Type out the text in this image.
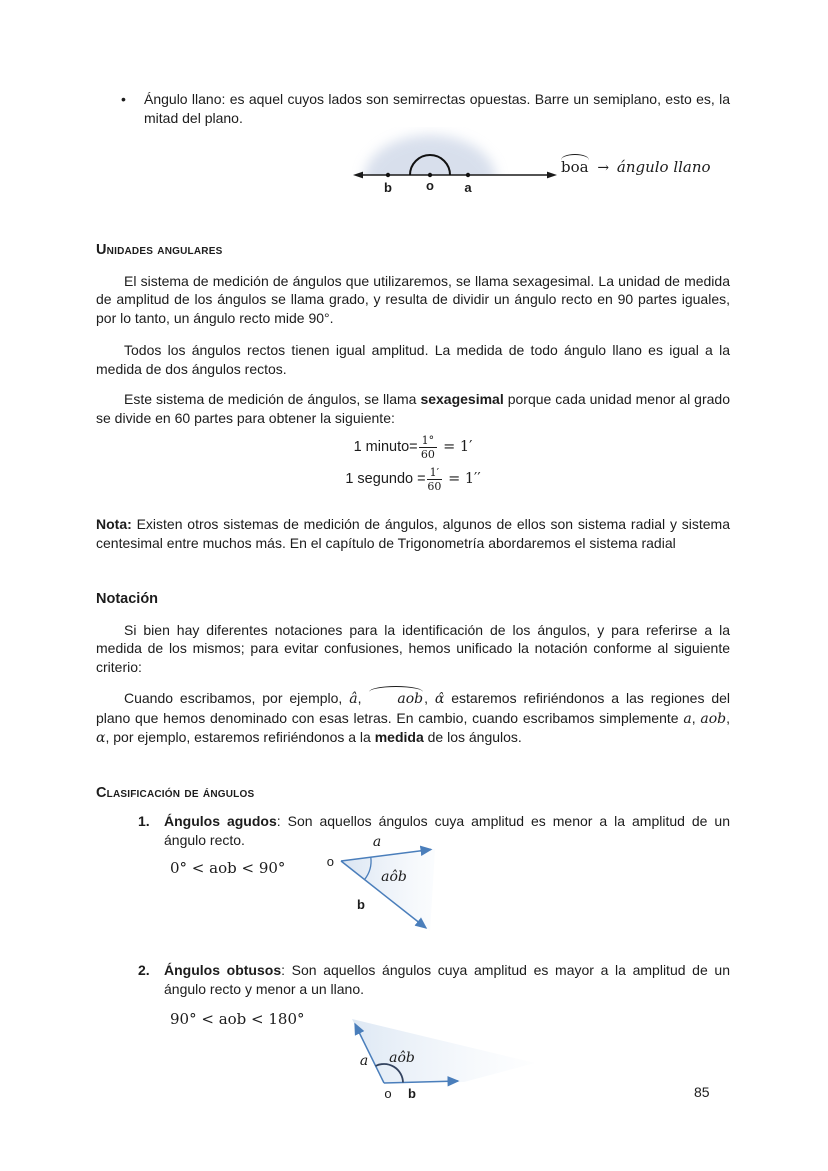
•	Ángulo llano: es aquel cuyos lados son semirrectas opuestas. Barre un semiplano, esto es, la mitad del plano.
b	o a
boa → ángulo llano
Unidades angulares

El sistema de medición de ángulos que utilizaremos, se llama sexagesimal. La unidad de medida de amplitud de los ángulos se llama grado, y resulta de dividir un ángulo recto en 90 partes iguales, por lo tanto, un ángulo recto mide 90°.

Todos los ángulos rectos tienen igual amplitud. La medida de todo ángulo llano es igual a la medida de dos ángulos rectos.

Este sistema de medición de ángulos, se llama sexagesimal porque cada unidad menor al grado se divide en 60 partes para obtener la siguiente:

1 minuto= $\frac{1^\circ}{60} = 1'$
1 segundo = $\frac{1'}{60} = 1''$

Nota: Existen otros sistemas de medición de ángulos, algunos de ellos son sistema radial y sistema centesimal entre muchos más. En el capítulo de Trigonometría abordaremos el sistema radial

Notación

Si bien hay diferentes notaciones para la identificación de los ángulos, y para referirse a la medida de los mismos; para evitar confusiones, hemos unificado la notación conforme al siguiente criterio:

Cuando escribamos, por ejemplo, â, aob, α̂ estaremos refiriéndonos a las regiones del plano que hemos denominado con esas letras. En cambio, cuando escribamos simplemente a, aob, α, por ejemplo, estaremos refiriéndonos a la medida de los ángulos.

Clasificación de ángulos
1.	Ángulos agudos: Son aquellos ángulos cuya amplitud es menor a la amplitud de un ángulo recto.
0° < aob < 90°	o
a
b
aôb
2.	Ángulos obtusos: Son aquellos ángulos cuya amplitud es mayor a la amplitud de un ángulo recto y menor a un llano.
90° < aob < 180°
a
o b
aôb
85
